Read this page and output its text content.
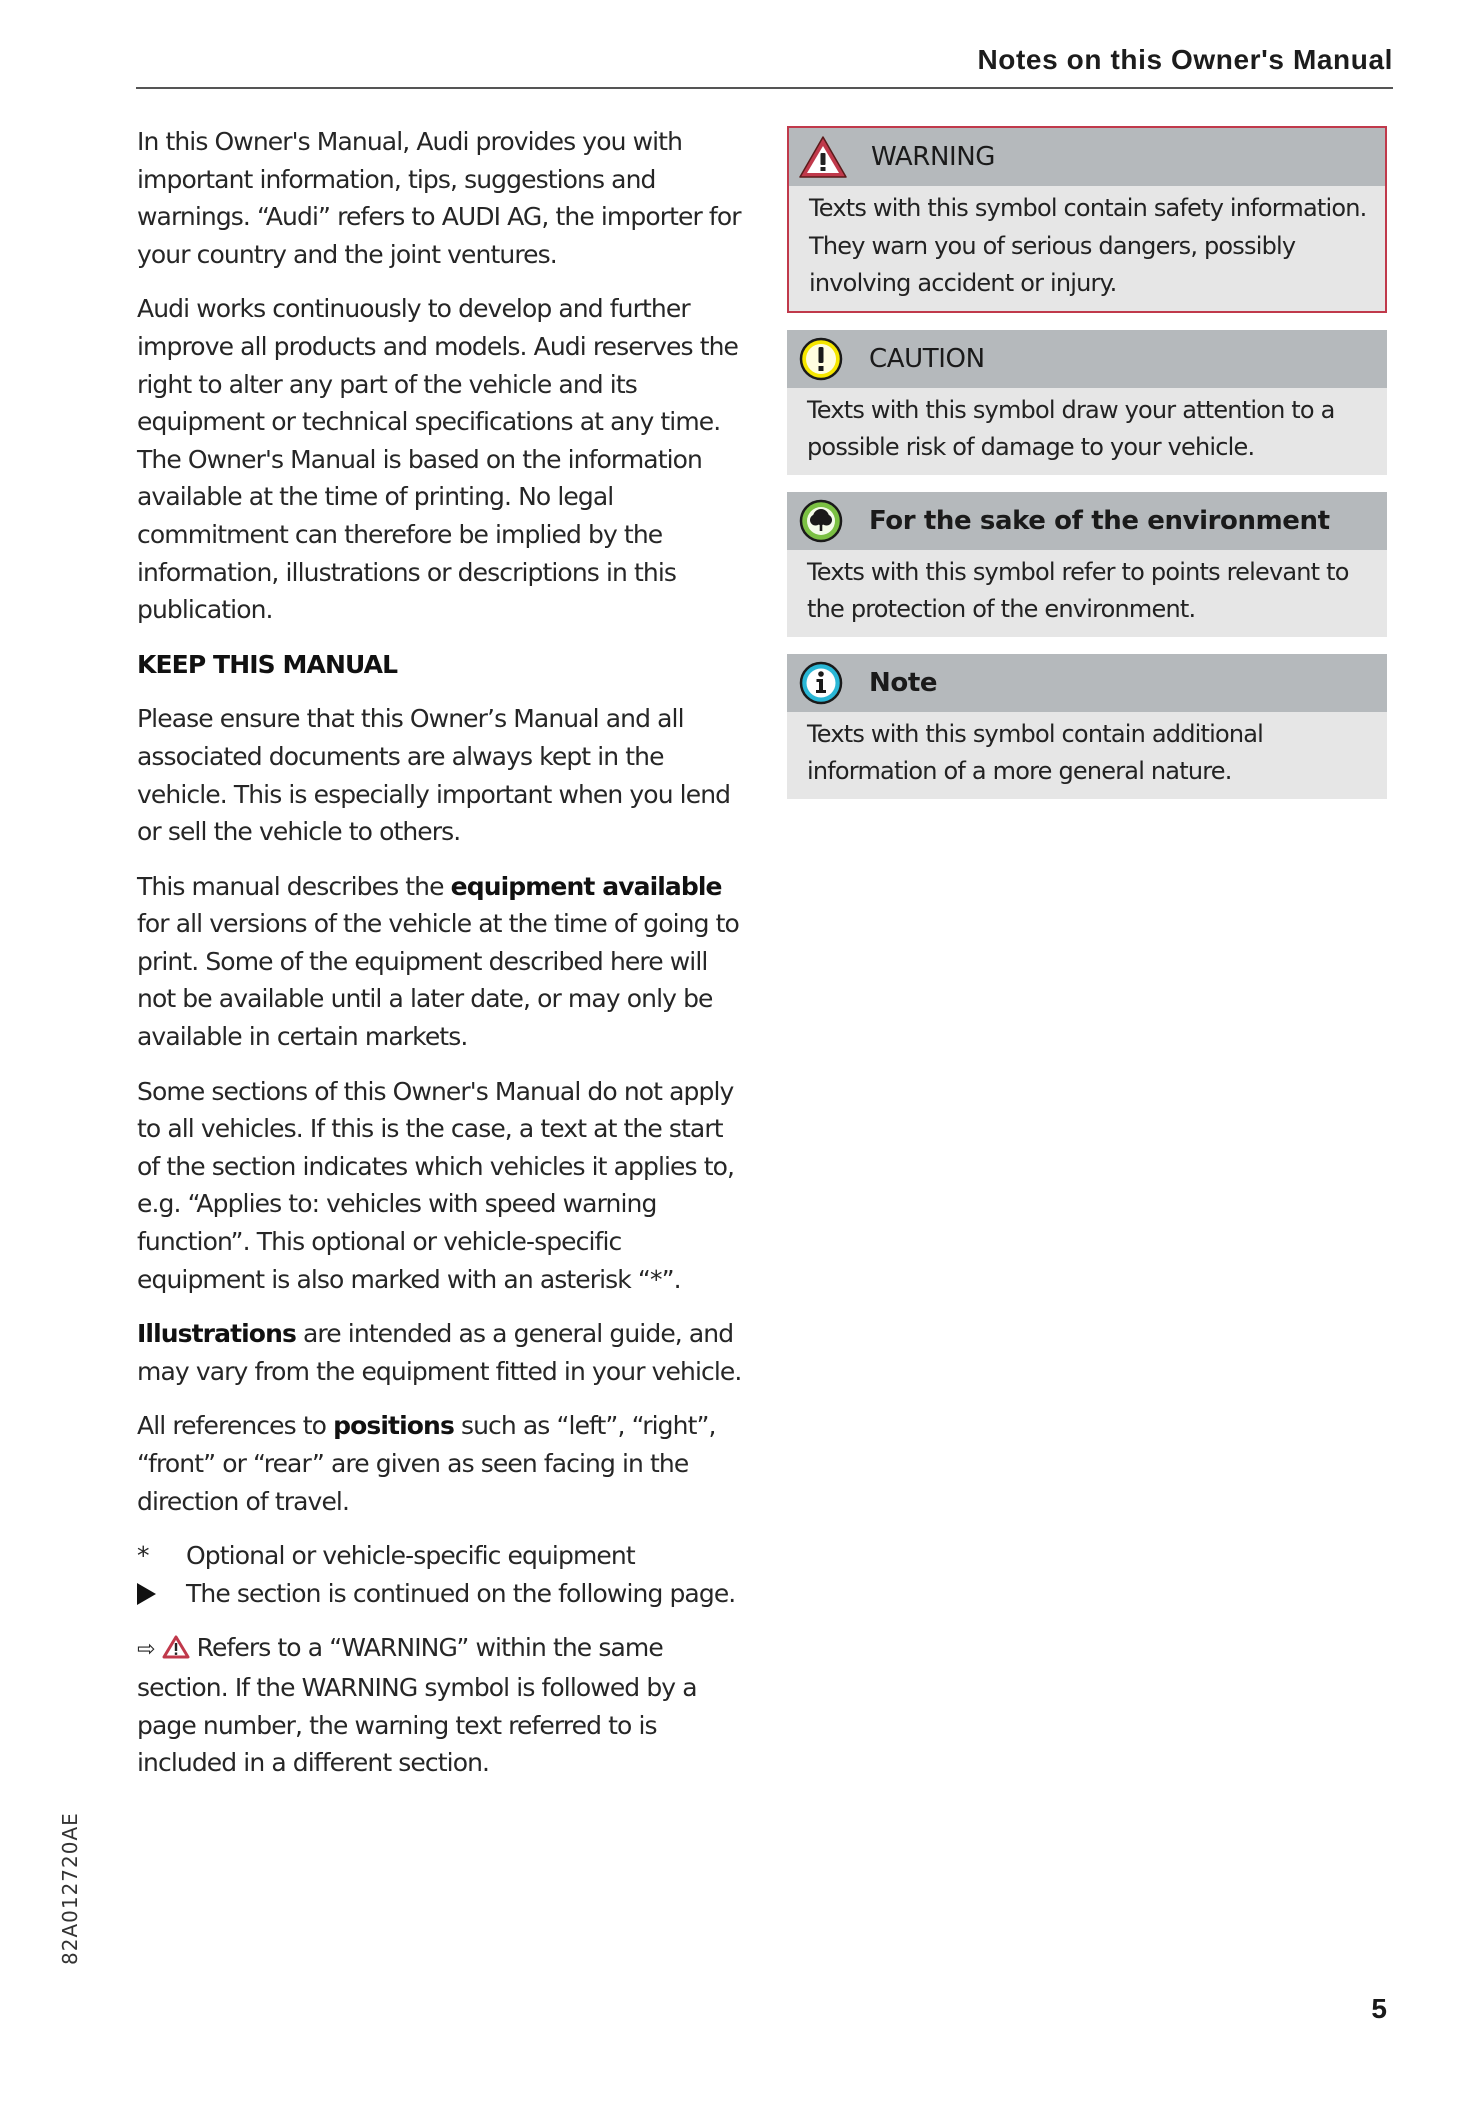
Notes on this Owner's Manual

In this Owner's Manual, Audi provides you with important information, tips, suggestions and warnings. “Audi” refers to AUDI AG, the importer for your country and the joint ventures.

Audi works continuously to develop and further improve all products and models. Audi reserves the right to alter any part of the vehicle and its equipment or technical specifications at any time. The Owner's Manual is based on the information available at the time of printing. No legal commitment can therefore be implied by the information, illustrations or descriptions in this publication.

KEEP THIS MANUAL

Please ensure that this Owner’s Manual and all associated documents are always kept in the vehicle. This is especially important when you lend or sell the vehicle to others.

This manual describes the equipment available for all versions of the vehicle at the time of going to print. Some of the equipment described here will not be available until a later date, or may only be available in certain markets.

Some sections of this Owner's Manual do not apply to all vehicles. If this is the case, a text at the start of the section indicates which vehicles it applies to, e.g. “Applies to: vehicles with speed warning function”. This optional or vehicle-specific equipment is also marked with an asterisk “*”.

Illustrations are intended as a general guide, and may vary from the equipment fitted in your vehicle.

All references to positions such as “left”, “right”, “front” or “rear” are given as seen facing in the direction of travel.

*	Optional or vehicle-specific equipment
The section is continued on the following page.

⇨  Refers to a “WARNING” within the same section. If the WARNING symbol is followed by a page number, the warning text referred to is included in a different section.

WARNING
Texts with this symbol contain safety information. They warn you of serious dangers, possibly involving accident or injury.
CAUTION
Texts with this symbol draw your attention to a possible risk of damage to your vehicle.
For the sake of the environment
Texts with this symbol refer to points relevant to the protection of the environment.
Note
Texts with this symbol contain additional information of a more general nature.
82A012720AE
5
